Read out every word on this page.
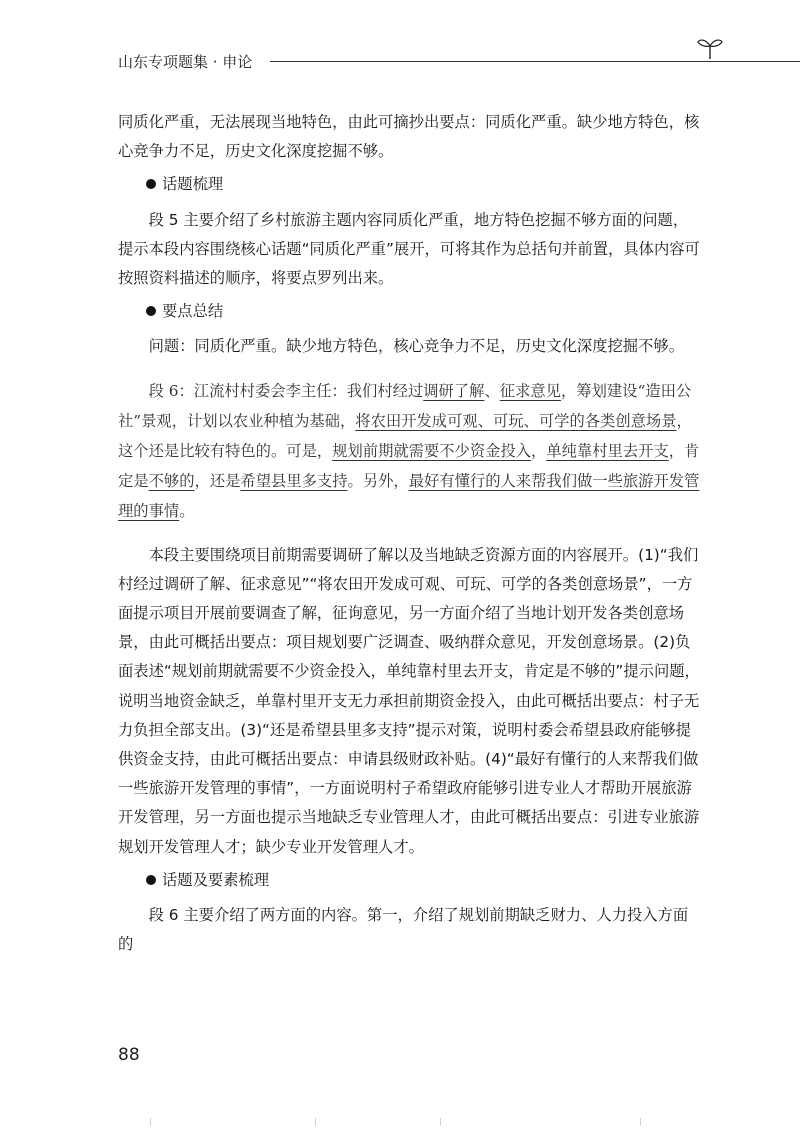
山东专项题集 · 申论

同质化严重，无法展现当地特色，由此可摘抄出要点：同质化严重。缺少地方特色，核心竞争力不足，历史文化深度挖掘不够。

话题梳理

段 5 主要介绍了乡村旅游主题内容同质化严重，地方特色挖掘不够方面的问题，提示本段内容围绕核心话题“同质化严重”展开，可将其作为总括句并前置，具体内容可按照资料描述的顺序，将要点罗列出来。

要点总结

问题：同质化严重。缺少地方特色，核心竞争力不足，历史文化深度挖掘不够。

段 6：江流村村委会李主任：我们村经过调研了解、征求意见，筹划建设“造田公社”景观，计划以农业种植为基础，将农田开发成可观、可玩、可学的各类创意场景，这个还是比较有特色的。可是，规划前期就需要不少资金投入，单纯靠村里去开支，肯定是不够的，还是希望县里多支持。另外，最好有懂行的人来帮我们做一些旅游开发管理的事情。

本段主要围绕项目前期需要调研了解以及当地缺乏资源方面的内容展开。(1)“我们村经过调研了解、征求意见”“将农田开发成可观、可玩、可学的各类创意场景”，一方面提示项目开展前要调查了解，征询意见，另一方面介绍了当地计划开发各类创意场景，由此可概括出要点：项目规划要广泛调查、吸纳群众意见，开发创意场景。(2)负面表述“规划前期就需要不少资金投入，单纯靠村里去开支，肯定是不够的”提示问题，说明当地资金缺乏，单靠村里开支无力承担前期资金投入，由此可概括出要点：村子无力负担全部支出。(3)“还是希望县里多支持”提示对策，说明村委会希望县政府能够提供资金支持，由此可概括出要点：申请县级财政补贴。(4)“最好有懂行的人来帮我们做一些旅游开发管理的事情”，一方面说明村子希望政府能够引进专业人才帮助开展旅游开发管理，另一方面也提示当地缺乏专业管理人才，由此可概括出要点：引进专业旅游规划开发管理人才；缺少专业开发管理人才。

话题及要素梳理

段 6 主要介绍了两方面的内容。第一，介绍了规划前期缺乏财力、人力投入方面的

88
